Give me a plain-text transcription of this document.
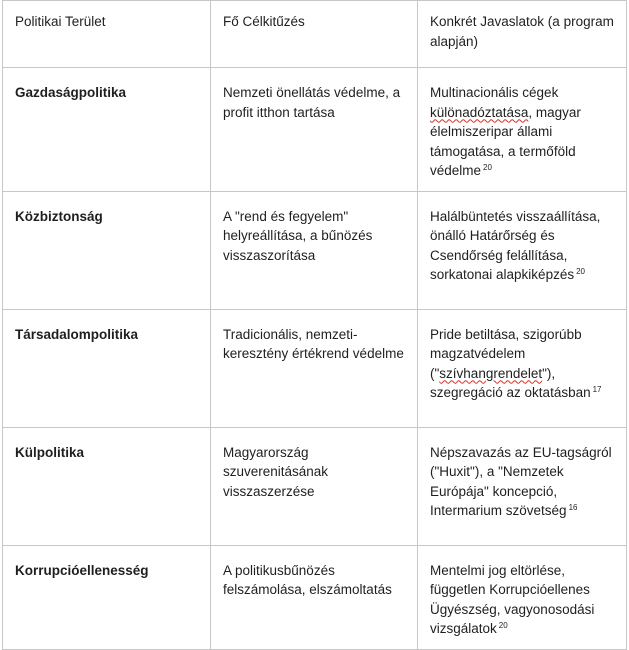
Politikai Terület	Fő Célkitűzés	Konkrét Javaslatok (a program alapján)
Gazdaságpolitika	Nemzeti önellátás védelme, a profit itthon tartása	Multinacionális cégek különadóztatása, magyar élelmiszeripar állami támogatása, a termőföld védelme $^{20}$
Közbiztonság	A "rend és fegyelem" helyreállítása, a bűnözés visszaszorítása	Halálbüntetés visszaállítása, önálló Határőrség és Csendőrség felállítása, sorkatonai alapkiképzés $^{20}$
Társadalompolitika	Tradicionális, nemzeti-keresztény értékrend védelme	Pride betiltása, szigorúbb magzatvédelem ("szívhangrendelet"), szegregáció az oktatásban $^{17}$
Külpolitika	Magyarország szuverenitásának visszaszerzése	Népszavazás az EU-tagságról ("Huxit"), a "Nemzetek Európája" koncepció, Intermarium szövetség $^{16}$
Korrupcióellenesség	A politikusbűnözés felszámolása, elszámoltatás	Mentelmi jog eltörlése, független Korrupcióellenes Ügyészség, vagyonosodási vizsgálatok $^{20}$
